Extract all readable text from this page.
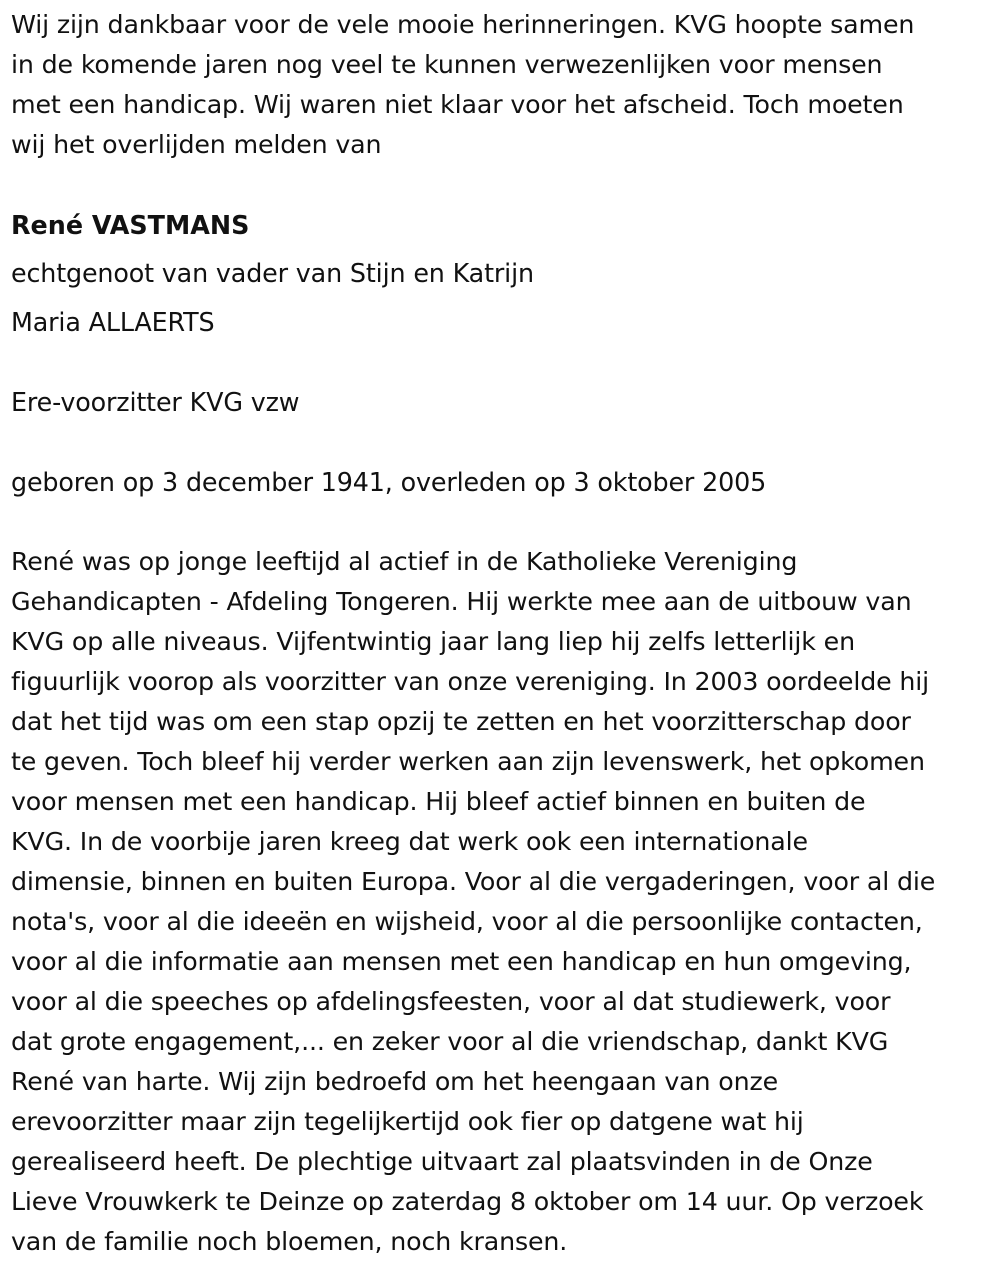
Wij zijn dankbaar voor de vele mooie herinneringen. KVG hoopte samen
in de komende jaren nog veel te kunnen verwezenlijken voor mensen
met een handicap. Wij waren niet klaar voor het afscheid. Toch moeten
wij het overlijden melden van
René VASTMANS
echtgenoot van vader van Stijn en Katrijn
Maria ALLAERTS
Ere-voorzitter KVG vzw
geboren op 3 december 1941, overleden op 3 oktober 2005
René was op jonge leeftijd al actief in de Katholieke Vereniging
Gehandicapten - Afdeling Tongeren. Hij werkte mee aan de uitbouw van
KVG op alle niveaus. Vijfentwintig jaar lang liep hij zelfs letterlijk en
figuurlijk voorop als voorzitter van onze vereniging. In 2003 oordeelde hij
dat het tijd was om een stap opzij te zetten en het voorzitterschap door
te geven. Toch bleef hij verder werken aan zijn levenswerk, het opkomen
voor mensen met een handicap. Hij bleef actief binnen en buiten de
KVG. In de voorbije jaren kreeg dat werk ook een internationale
dimensie, binnen en buiten Europa. Voor al die vergaderingen, voor al die
nota's, voor al die ideeën en wijsheid, voor al die persoonlijke contacten,
voor al die informatie aan mensen met een handicap en hun omgeving,
voor al die speeches op afdelingsfeesten, voor al dat studiewerk, voor
dat grote engagement,... en zeker voor al die vriendschap, dankt KVG
René van harte. Wij zijn bedroefd om het heengaan van onze
erevoorzitter maar zijn tegelijkertijd ook fier op datgene wat hij
gerealiseerd heeft. De plechtige uitvaart zal plaatsvinden in de Onze
Lieve Vrouwkerk te Deinze op zaterdag 8 oktober om 14 uur. Op verzoek
van de familie noch bloemen, noch kransen.
